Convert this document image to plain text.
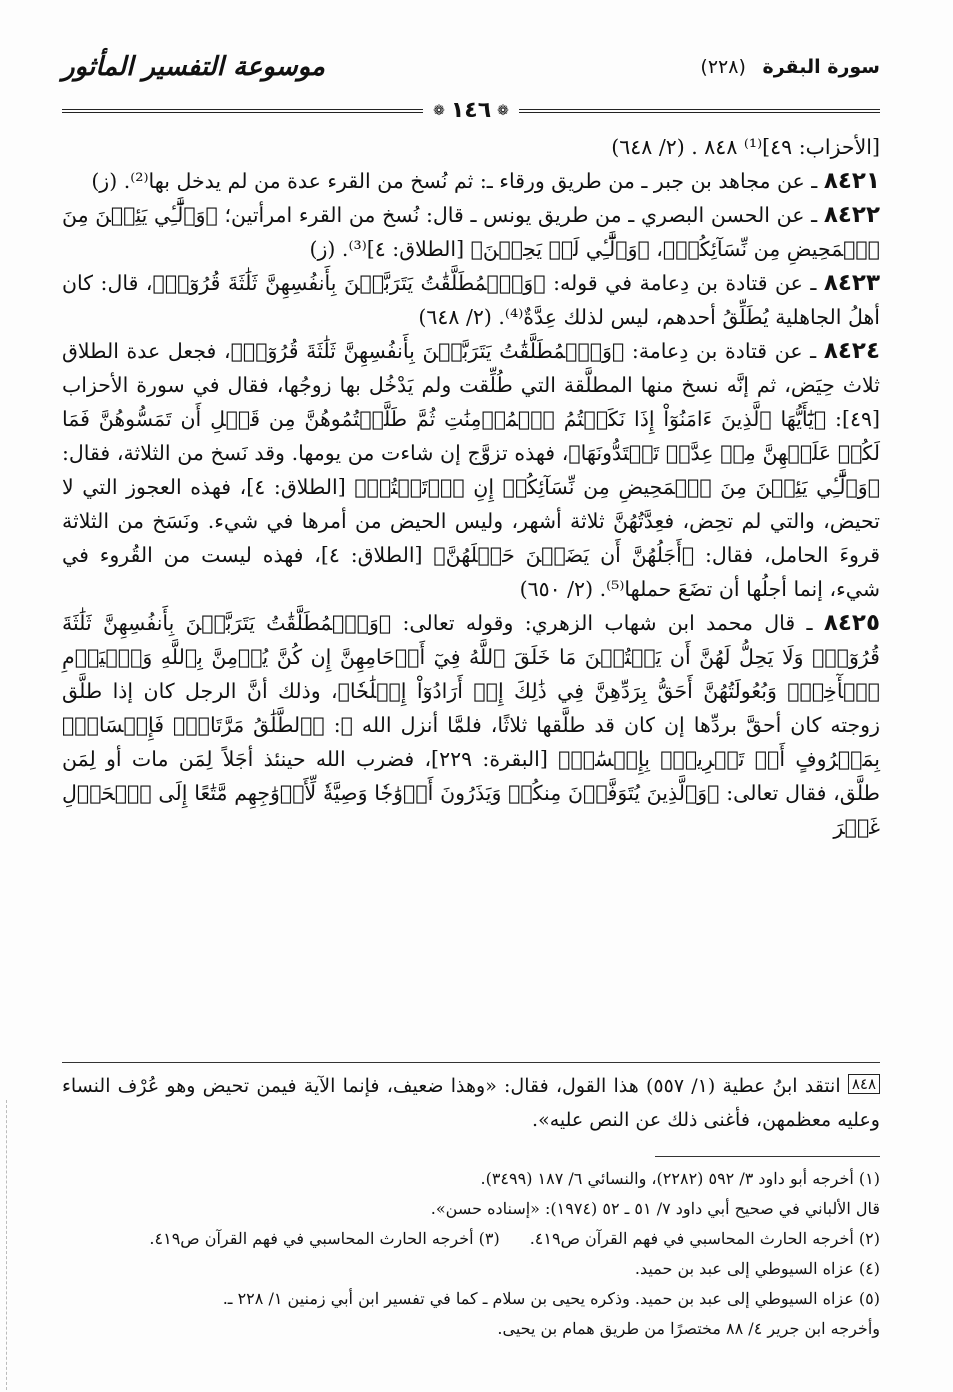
سورة البقرة (٢٢٨)
موسوعة التفسير المأثور
❁ ١٤٦ ❁

[الأحزاب: ٤٩]⁽¹⁾ ٨٤٨ . (٢/ ٦٤٨)

٨٤٢١ ـ عن مجاهد بن جبر ـ من طريق ورقاء ـ: ثم نُسخ من القرء عدة من لم يدخل بها⁽²⁾. (ز)

٨٤٢٢ ـ عن الحسن البصري ـ من طريق يونس ـ قال: نُسخ من القرء امرأتين؛ ﴿وَٱلَّٰٓـِٔي يَئِسۡنَ مِنَ ٱلۡمَحِيضِ مِن نِّسَآئِكُمۡ﴾، ﴿وَٱلَّٰٓـِٔي لَمۡ يَحِضۡنَ﴾ [الطلاق: ٤]⁽³⁾. (ز)

٨٤٢٣ ـ عن قتادة بن دِعامة في قوله: ﴿وَٱلۡمُطَلَّقَٰتُ يَتَرَبَّصۡنَ بِأَنفُسِهِنَّ ثَلَٰثَةَ قُرُوٓءٖ﴾، قال: كان أهلُ الجاهلية يُطَلِّقُ أحدهم، ليس لذلك عِدَّةٌ⁽⁴⁾. (٢/ ٦٤٨)

٨٤٢٤ ـ عن قتادة بن دِعامة: ﴿وَٱلۡمُطَلَّقَٰتُ يَتَرَبَّصۡنَ بِأَنفُسِهِنَّ ثَلَٰثَةَ قُرُوٓءٖ﴾، فجعل عدة الطلاق ثلاث حِيَض، ثم إنَّه نسخ منها المطلَّقة التي طُلِّقت ولم يَدْخُل بها زوجُها، فقال في سورة الأحزاب [٤٩]: ﴿يَٰٓأَيُّهَا ٱلَّذِينَ ءَامَنُوٓاْ إِذَا نَكَحۡتُمُ ٱلۡمُؤۡمِنَٰتِ ثُمَّ طَلَّقۡتُمُوهُنَّ مِن قَبۡلِ أَن تَمَسُّوهُنَّ فَمَا لَكُمۡ عَلَيۡهِنَّ مِنۡ عِدَّةٖ تَعۡتَدُّونَهَا﴾، فهذه تزوَّج إن شاءت من يومها. وقد نَسخ من الثلاثة، فقال: ﴿وَٱلَّٰٓـِٔي يَئِسۡنَ مِنَ ٱلۡمَحِيضِ مِن نِّسَآئِكُمۡ إِنِ ٱرۡتَبۡتُمۡ﴾ [الطلاق: ٤]، فهذه العجوز التي لا تحيض، والتي لم تحِض، فعِدَّتُهُنَّ ثلاثة أشهر، وليس الحيض من أمرها في شيء. ونَسَخ من الثلاثة قروءَ الحامل، فقال: ﴿أَجَلُهُنَّ أَن يَضَعۡنَ حَمۡلَهُنَّ﴾ [الطلاق: ٤]، فهذه ليست من القُروء في شيء، إنما أجلُها أن تضَعَ حملها⁽⁵⁾. (٢/ ٦٥٠)

٨٤٢٥ ـ قال محمد ابن شهاب الزهري: وقوله تعالى: ﴿وَٱلۡمُطَلَّقَٰتُ يَتَرَبَّصۡنَ بِأَنفُسِهِنَّ ثَلَٰثَةَ قُرُوٓءٖۚ وَلَا يَحِلُّ لَهُنَّ أَن يَكۡتُمۡنَ مَا خَلَقَ ٱللَّهُ فِيٓ أَرۡحَامِهِنَّ إِن كُنَّ يُؤۡمِنَّ بِٱللَّهِ وَٱلۡيَوۡمِ ٱلۡأٓخِرِۚ وَبُعُولَتُهُنَّ أَحَقُّ بِرَدِّهِنَّ فِي ذَٰلِكَ إِنۡ أَرَادُوٓاْ إِصۡلَٰحٗا﴾، وذلك أنَّ الرجل كان إذا طلَّق زوجته كان أحقَّ بردِّها إن كان قد طلَّقها ثلاثًا، فلمَّا أنزل الله ﷻ: ﴿ٱلطَّلَٰقُ مَرَّتَانِۖ فَإِمۡسَاكُۢ بِمَعۡرُوفٍ أَوۡ تَسۡرِيحُۢ بِإِحۡسَٰنٖ﴾ [البقرة: ٢٢٩]، فضرب الله حينئذ أجَلاً لِمَن مات أو لِمَن طلَّق، فقال تعالى: ﴿وَٱلَّذِينَ يُتَوَفَّوۡنَ مِنكُمۡ وَيَذَرُونَ أَزۡوَٰجٗا وَصِيَّةٗ لِّأَزۡوَٰجِهِم مَّتَٰعًا إِلَى ٱلۡحَوۡلِ غَيۡرَ

٨٤٨ انتقد ابنُ عطية (١/ ٥٥٧) هذا القول، فقال: «وهذا ضعيف، فإنما الآية فيمن تحيض وهو عُرْف النساء وعليه معظمهن، فأغنى ذلك عن النص عليه».

(١) أخرجه أبو داود ٣/ ٥٩٢ (٢٢٨٢)، والنسائي ٦/ ١٨٧ (٣٤٩٩).

قال الألباني في صحيح أبي داود ٧/ ٥١ ـ ٥٢ (١٩٧٤): «إسناده حسن».

(٢) أخرجه الحارث المحاسبي في فهم القرآن ص٤١٩.
(٣) أخرجه الحارث المحاسبي في فهم القرآن ص٤١٩.

(٤) عزاه السيوطي إلى عبد بن حميد.

(٥) عزاه السيوطي إلى عبد بن حميد. وذكره يحيى بن سلام ـ كما في تفسير ابن أبي زمنين ١/ ٢٢٨ ـ.

وأخرجه ابن جرير ٤/ ٨٨ مختصرًا من طريق همام بن يحيى.
